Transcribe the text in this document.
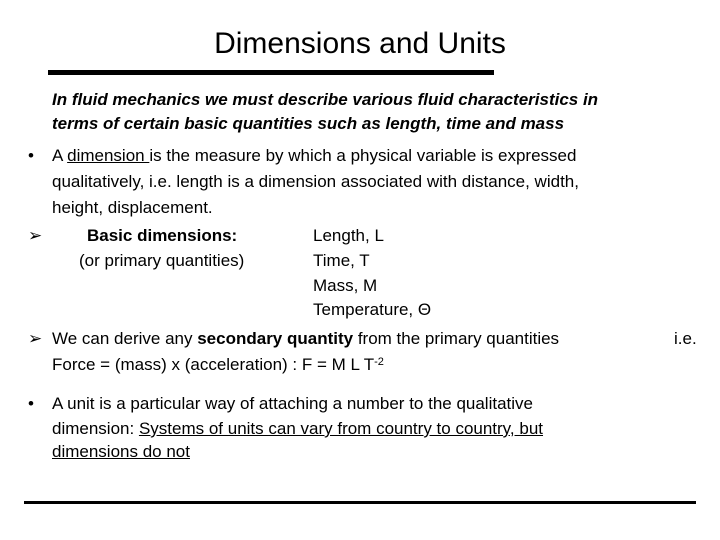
Dimensions and Units
In fluid mechanics we must describe various fluid characteristics in
terms of certain basic quantities such as length, time and mass
• A dimension is the measure by which a physical variable is expressed
qualitatively, i.e. length is a dimension associated with distance, width,
height, displacement.
➢	Basic dimensions:
(or primary quantities)
Length, L
Time, T
Mass, M
Temperature, Θ
➢ We can derive any secondary quantity from the primary quantities	i.e.
Force = (mass) x (acceleration) : F = M L $T^{-2}$
• A unit is a particular way of attaching a number to the qualitative
dimension: Systems of units can vary from country to country, but
dimensions do not
